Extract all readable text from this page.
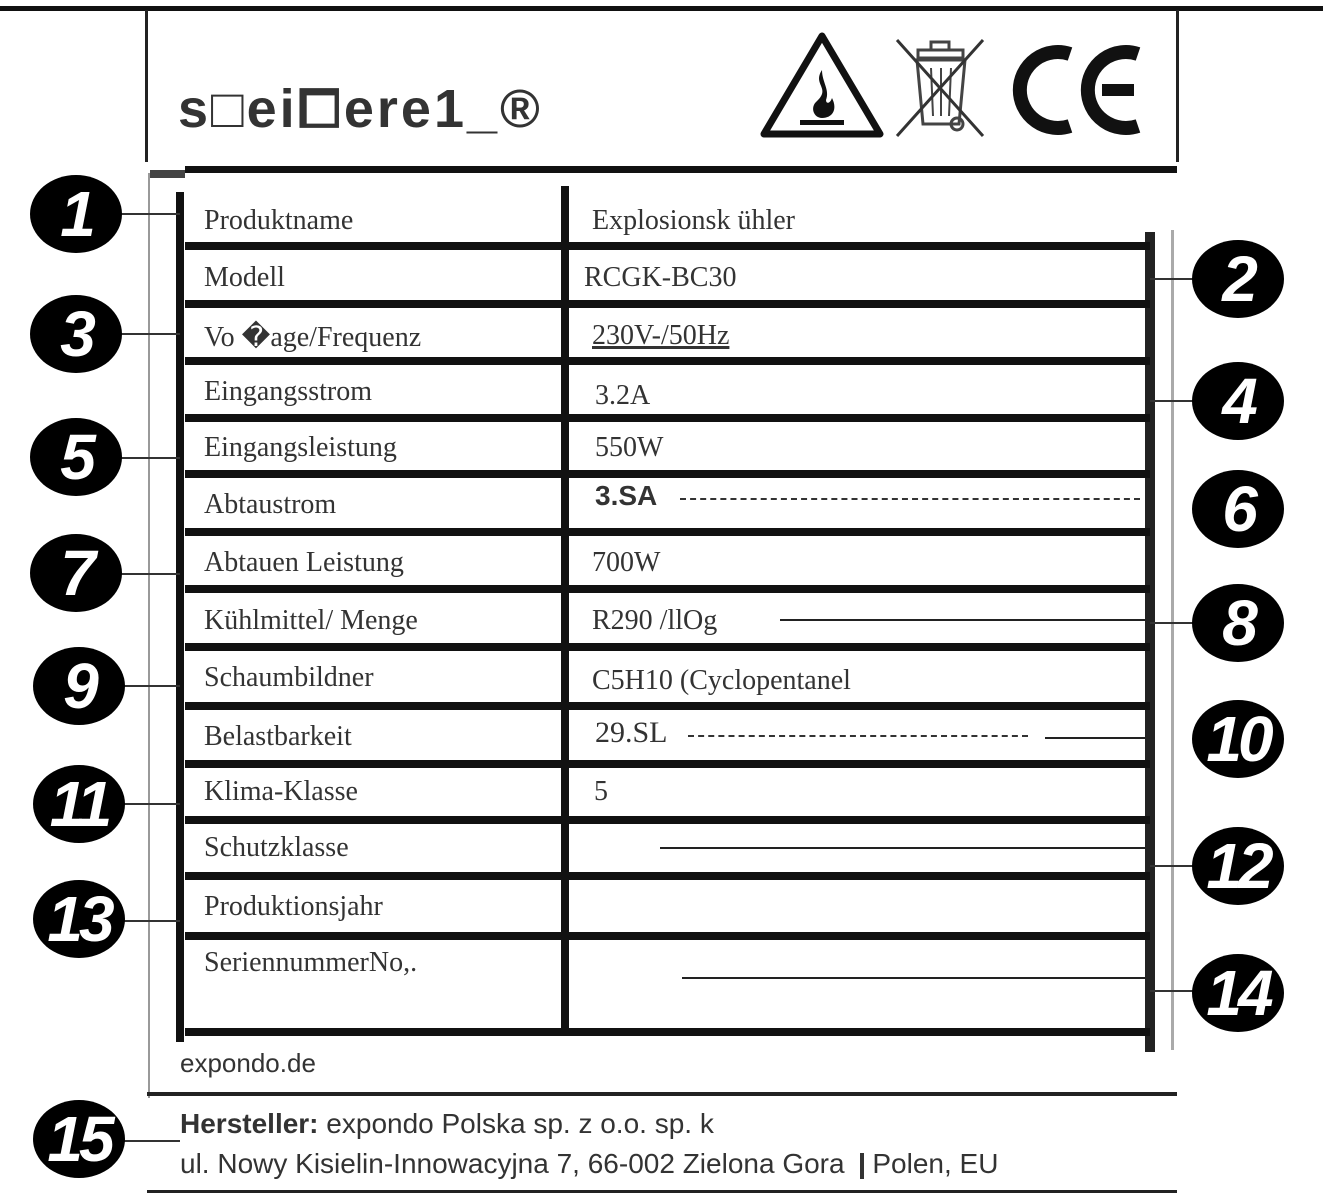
s□ei⧠ere1_®
Produktname
Modell
Vo �age/Frequenz
Eingangsstrom
Eingangsleistung
Abtaustrom
Abtauen Leistung
Kühlmittel/ Menge
Schaumbildner
Belastbarkeit
Klima-Klasse
Schutzklasse
Produktionsjahr
SeriennummerNo,.
Explosionsk ühler
RCGK-BC30
230V-/50Hz
3.2A
550W
3.SA
700W
R290 /llOg
C5H10 (Cyclopentanel
29.SL
5
1
3
5
7
9
11
13
15
2
4
6
8
10
12
14
expondo.de
Hersteller: expondo Polska sp. z o.o. sp. k
ul. Nowy Kisielin-Innowacyjna 7, 66-002 Zielona Gora Polen, EU
